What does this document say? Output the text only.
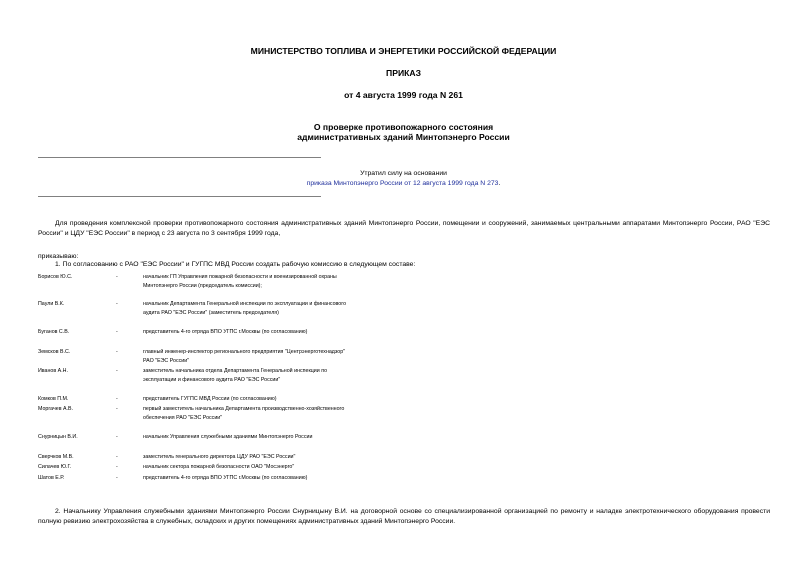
МИНИСТЕРСТВО ТОПЛИВА И ЭНЕРГЕТИКИ РОССИЙСКОЙ ФЕДЕРАЦИИ
ПРИКАЗ
от 4 августа 1999 года N 261
О проверке противопожарного состояния
административных зданий Минтопэнерго России
Утратил силу на основании
приказа Минтопэнерго России от 12 августа 1999 года N 273.
Для проведения комплексной проверки противопожарного состояния административных зданий Минтопэнерго России, помещении и сооружений, занимаемых центральными аппаратами Минтопэнерго России, РАО "ЕЭС России" и ЦДУ "ЕЭС России" в период с 23 августа по 3 сентября 1999 года,
приказываю:
1. По согласованию с РАО "ЕЭС России" и ГУГПС МВД России создать рабочую комиссию в следующем составе:
Борисов Ю.С.	-	начальник ГП Управления пожарной безопасности и военизированной охраны Минтопэнерго России (председатель комиссии);
Паули В.К.	-	начальник Департамента Генеральной инспекции по эксплуатации и финансового аудита РАО "ЕЭС России" (заместитель председателя)
Буганов С.В.	-	представитель 4-го отряда ВПО УГПС г.Москвы (по согласованию)
Земсков В.С.	-	главный инженер-инспектор регионального предприятия "Центрэнерготехнадзор" РАО "ЕЭС России"
Иванов А.Н.	-	заместитель начальника отдела Департамента Генеральной инспекции по эксплуатации и финансового аудита РАО "ЕЭС России"
Комков П.М.	-	представитель ГУГПС МВД России (по согласованию)
Моргачев А.В.	-	первый заместитель начальника Департамента производственно-хозяйственного обеспечения РАО "ЕЭС России"
Снурницын В.И.	-	начальник Управления служебными зданиями Минтопэнерго России
Сверчков М.В.	-	заместитель генерального директора ЦДУ РАО "ЕЭС России"
Силачев Ю.Г.	-	начальник сектора пожарной безопасности ОАО "Мосэнерго"
Шатов Е.Р.	-	представитель 4-го отряда ВПО УГПС г.Москвы (по согласованию)
2. Начальнику Управления служебными зданиями Минтопэнерго России Снурницыну В.И. на договорной основе со специализированной организацией по ремонту и наладке электротехнического оборудования провести полную ревизию электрохозяйства в служебных, складских и других помещениях административных зданий Минтопэнерго России.
